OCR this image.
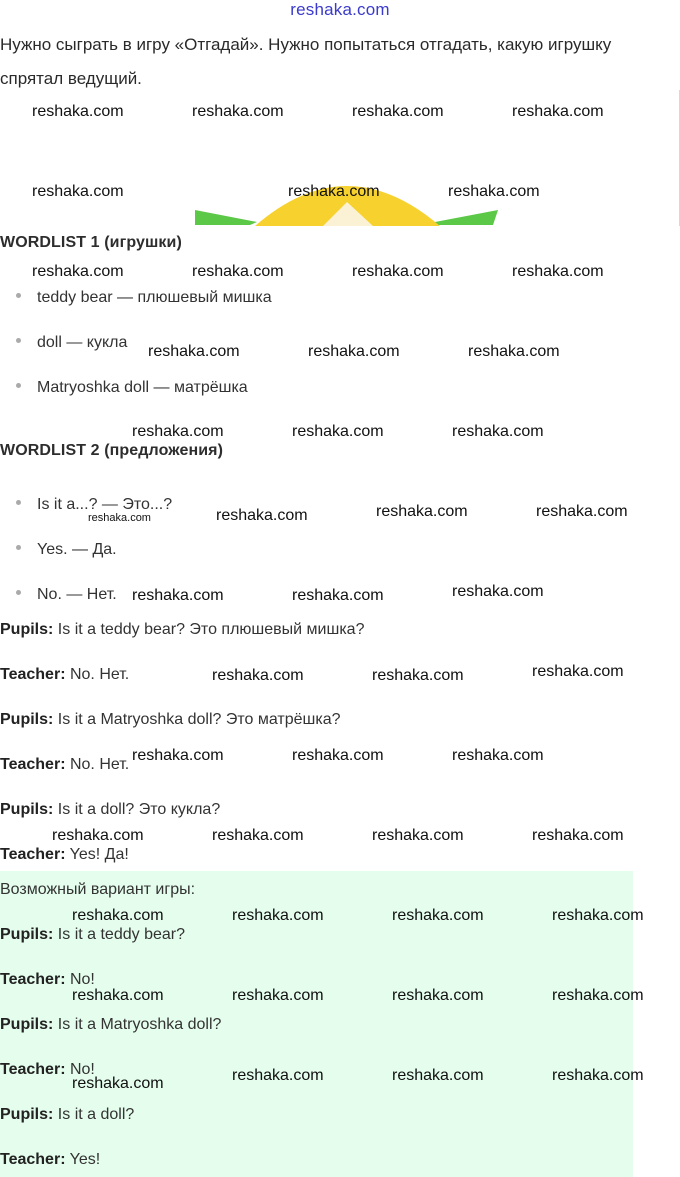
reshaka.com
Нужно сыграть в игру «Отгадай». Нужно попытаться отгадать, какую игрушку спрятал ведущий.
WORDLIST 1 (игрушки)
teddy bear — плюшевый мишка
doll — кукла
Matryoshka doll — матрёшка
WORDLIST 2 (предложения)
Is it a...? — Это...?
Yes. — Да.
No. — Нет.
Pupils: Is it a teddy bear? Это плюшевый мишка?
Teacher: No. Нет.
Pupils: Is it a Matryoshka doll? Это матрёшка?
Teacher: No. Нет.
Pupils: Is it a doll? Это кукла?
Teacher: Yes! Да!
Возможный вариант игры:
Pupils: Is it a teddy bear?
Teacher: No!
Pupils: Is it a Matryoshka doll?
Teacher: No!
Pupils: Is it a doll?
Teacher: Yes!
reshaka.com	reshaka.com	reshaka.com	reshaka.com
reshaka.com	reshaka.com	reshaka.com
reshaka.com	reshaka.com	reshaka.com	reshaka.com
reshaka.com	reshaka.com	reshaka.com
reshaka.com	reshaka.com	reshaka.com
reshaka.com	reshaka.com	reshaka.com
reshaka.com	reshaka.com	reshaka.com
reshaka.com	reshaka.com	reshaka.com
reshaka.com	reshaka.com	reshaka.com
reshaka.com	reshaka.com	reshaka.com	reshaka.com
reshaka.com	reshaka.com	reshaka.com	reshaka.com
reshaka.com	reshaka.com	reshaka.com	reshaka.com
reshaka.com	reshaka.com	reshaka.com	reshaka.com
reshaka.com
